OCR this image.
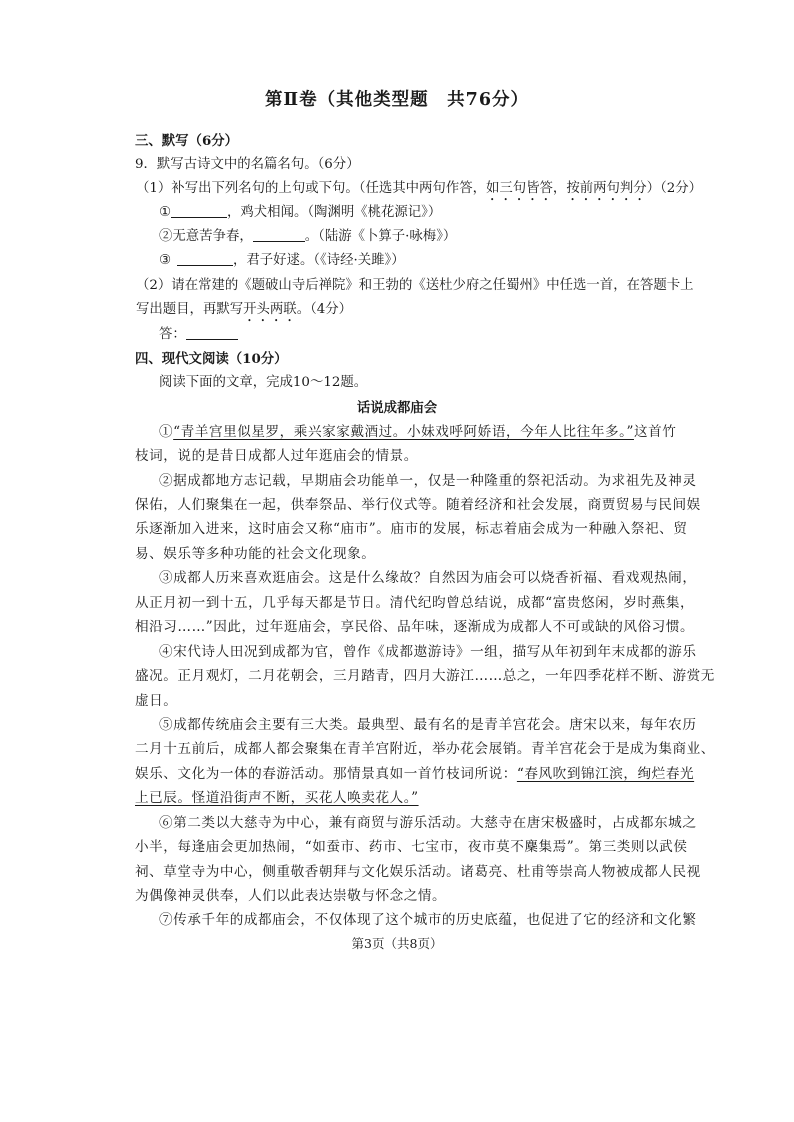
第Ⅱ卷（其他类型题　共76分）
三、默写（6分）
9．默写古诗文中的名篇名句。（6分）
（1）补写出下列名句的上句或下句。（任选其中两句作答，如三句皆答，按前两句判分）（2分）
①	，鸡犬相闻。（陶渊明《桃花源记》）
②无意苦争春，	。（陆游《卜算子·咏梅》）
③	，君子好逑。（《诗经·关雎》）
（2）请在常建的《题破山寺后禅院》和王勃的《送杜少府之任蜀州》中任选一首，在答题卡上
写出题目，再默写开头两联。（4分）
答：
四、现代文阅读（10分）
阅读下面的文章，完成10～12题。
话说成都庙会
①“青羊宫里似星罗，乘兴家家戴酒过。小妹戏呼阿娇语，今年人比往年多。”这首竹
枝词，说的是昔日成都人过年逛庙会的情景。
②据成都地方志记载，早期庙会功能单一，仅是一种隆重的祭祀活动。为求祖先及神灵
保佑，人们聚集在一起，供奉祭品、举行仪式等。随着经济和社会发展，商贾贸易与民间娱
乐逐渐加入进来，这时庙会又称“庙市”。庙市的发展，标志着庙会成为一种融入祭祀、贸
易、娱乐等多种功能的社会文化现象。
③成都人历来喜欢逛庙会。这是什么缘故？自然因为庙会可以烧香祈福、看戏观热闹，
从正月初一到十五，几乎每天都是节日。清代纪昀曾总结说，成都“富贵悠闲，岁时燕集，
相沿习……”因此，过年逛庙会，享民俗、品年味，逐渐成为成都人不可或缺的风俗习惯。
④宋代诗人田况到成都为官，曾作《成都遨游诗》一组，描写从年初到年末成都的游乐
盛况。正月观灯，二月花朝会，三月踏青，四月大游江……总之，一年四季花样不断、游赏无
虚日。
⑤成都传统庙会主要有三大类。最典型、最有名的是青羊宫花会。唐宋以来，每年农历
二月十五前后，成都人都会聚集在青羊宫附近，举办花会展销。青羊宫花会于是成为集商业、
娱乐、文化为一体的春游活动。那情景真如一首竹枝词所说：“春风吹到锦江滨，绚烂春光
上已辰。怪道沿街声不断，买花人唤卖花人。”
⑥第二类以大慈寺为中心，兼有商贸与游乐活动。大慈寺在唐宋极盛时，占成都东城之
小半，每逢庙会更加热闹，“如蚕市、药市、七宝市，夜市莫不麇集焉”。第三类则以武侯
祠、草堂寺为中心，侧重敬香朝拜与文化娱乐活动。诸葛亮、杜甫等崇高人物被成都人民视
为偶像神灵供奉，人们以此表达崇敬与怀念之情。
⑦传承千年的成都庙会，不仅体现了这个城市的历史底蕴，也促进了它的经济和文化繁
第3页（共8页）
